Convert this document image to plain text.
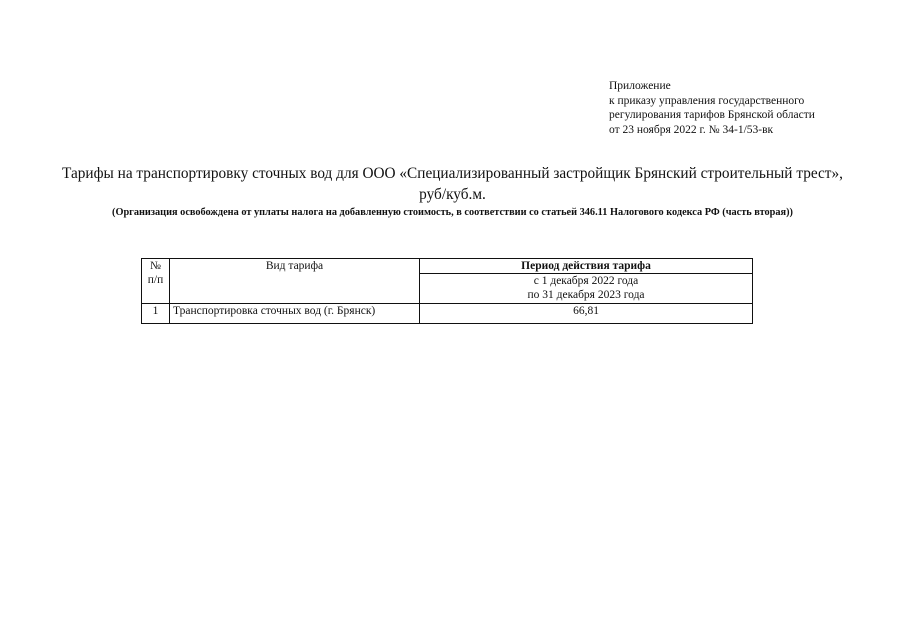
Приложение
к приказу управления государственного
регулирования тарифов Брянской области
от 23 ноября 2022 г. № 34-1/53-вк
Тарифы на транспортировку сточных вод для ООО «Специализированный застройщик Брянский строительный трест»,
руб/куб.м.
(Организация освобождена от уплаты налога на добавленную стоимость, в соответствии со статьей 346.11 Налогового кодекса РФ (часть вторая))
№
п/п	Вид тарифа	Период действия тарифа

		с 1 декабря 2022 года
по 31 декабря 2023 года

1	Транспортировка сточных вод (г. Брянск)	66,81
